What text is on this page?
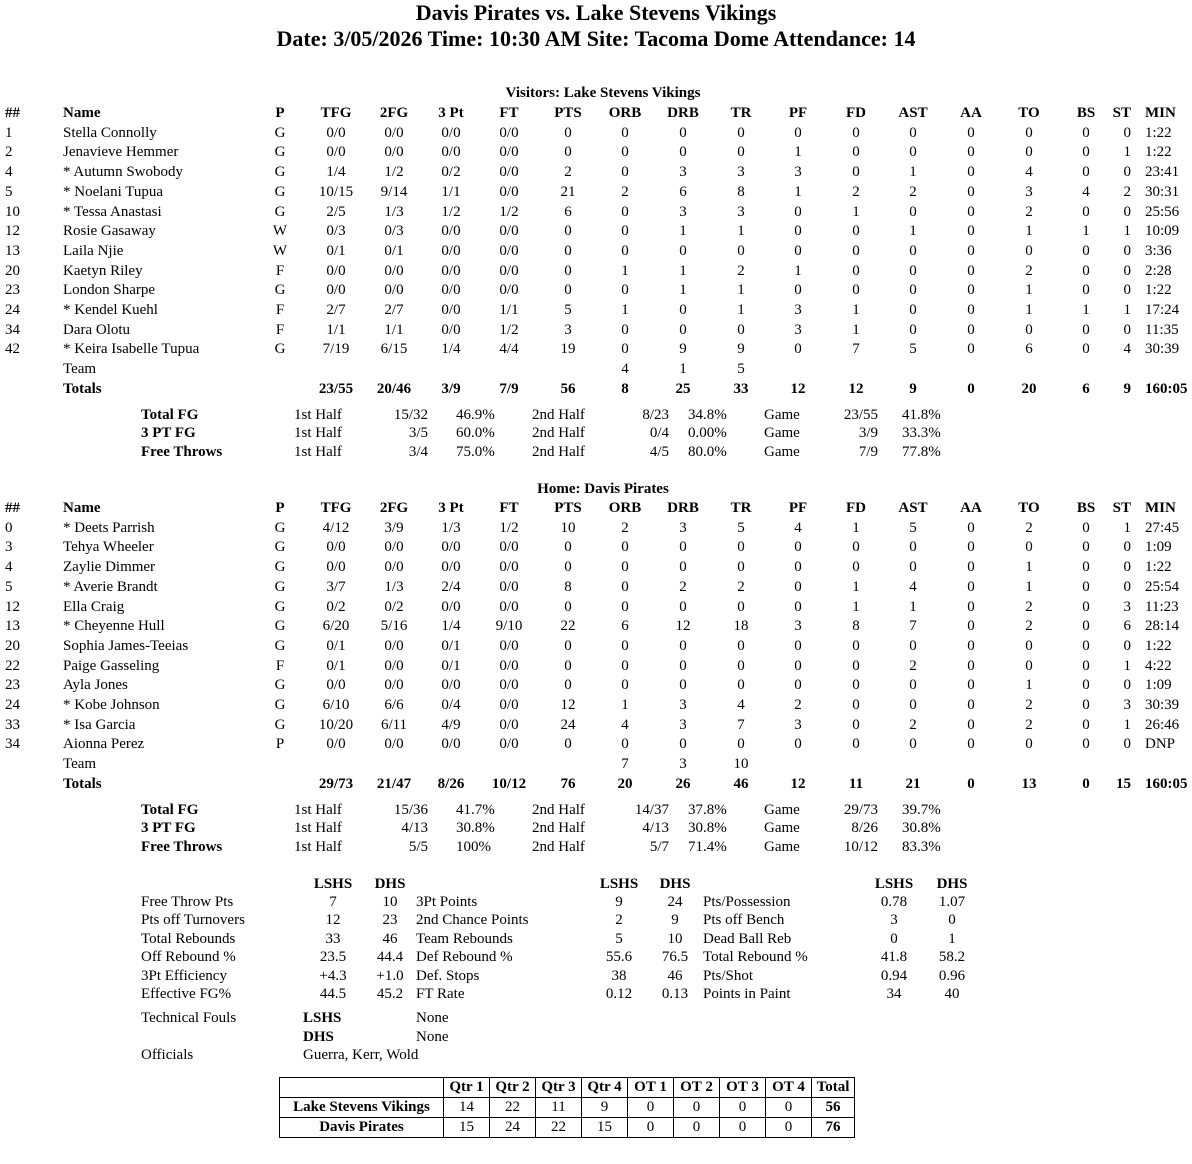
Davis Pirates vs. Lake Stevens Vikings
Date: 3/05/2026 Time: 10:30 AM Site: Tacoma Dome Attendance: 14
Visitors: Lake Stevens Vikings
##	Name	P TFG 2FG 3 Pt FT PTS ORB DRB TR PF	FD AST AA TO BS ST MIN
1	Stella Connolly	G	0/0	0/0	0/0	0/0	0	0	0	0	0	0	0	0	0	0 0 1:22
2	Jenavieve Hemmer	G	0/0	0/0	0/0	0/0	0	0	0	0	1	0	0	0	0	0 1 1:22
4	* Autumn Swobody	G	1/4	1/2	0/2	0/0	2	0	3	3	3	0	1	0	4	0 0 23:41
5	* Noelani Tupua	G 10/15 9/14 1/1	0/0	21	2	6	8	1	2	2	0	3	4 2 30:31
10	* Tessa Anastasi	G	2/5	1/3	1/2	1/2	6	0	3	3	0	1	0	0	2	0 0 25:56
12	Rosie Gasaway	W	0/3	0/3	0/0	0/0	0	0	1	1	0	0	1	0	1	1 1 10:09
13	Laila Njie	W	0/1	0/1	0/0	0/0	0	0	0	0	0	0	0	0	0	0 0 3:36
20	Kaetyn Riley	F	0/0	0/0	0/0	0/0	0	1	1	2	1	0	0	0	2	0 0 2:28
23	London Sharpe	G	0/0	0/0	0/0	0/0	0	0	1	1	0	0	0	0	1	0 0 1:22
24	* Kendel Kuehl	F	2/7	2/7	0/0	1/1	5	1	0	1	3	1	0	0	1	1 1 17:24
34	Dara Olotu	F	1/1	1/1	0/0	1/2	3	0	0	0	3	1	0	0	0	0 0 11:35
42	* Keira Isabelle Tupua	G 7/19 6/15 1/4	4/4	19	0	9	9	0	7	5	0	6	0 4 30:39
Team	4	1	5
Totals	23/55 20/46 3/9	7/9	56	8	25	33	12	12	9	0	20	6 9 160:05
Total FG	1st Half	15/32 46.9% 2nd Half	8/23 34.8% Game	23/55 41.8%
3 PT FG	1st Half	3/5 60.0% 2nd Half	0/4 0.00% Game	3/9 33.3%
Free Throws	1st Half	3/4 75.0% 2nd Half	4/5 80.0% Game	7/9 77.8%
Home: Davis Pirates
##	Name	P TFG 2FG 3 Pt FT PTS ORB DRB TR PF	FD AST AA TO BS ST MIN
0	* Deets Parrish	G 4/12 3/9	1/3	1/2	10	2	3	5	4	1	5	0	2	0 1 27:45
3	Tehya Wheeler	G	0/0	0/0	0/0	0/0	0	0	0	0	0	0	0	0	0	0 0 1:09
4	Zaylie Dimmer	G	0/0	0/0	0/0	0/0	0	0	0	0	0	0	0	0	1	0 0 1:22
5	* Averie Brandt	G	3/7	1/3	2/4	0/0	8	0	2	2	0	1	4	0	1	0 0 25:54
12	Ella Craig	G	0/2	0/2	0/0	0/0	0	0	0	0	0	1	1	0	2	0 3 11:23
13	* Cheyenne Hull	G 6/20 5/16 1/4 9/10	22	6	12	18	3	8	7	0	2	0 6 28:14
20	Sophia James-Teeias	G	0/1	0/0	0/1	0/0	0	0	0	0	0	0	0	0	0	0 0 1:22
22	Paige Gasseling	F	0/1	0/0	0/1	0/0	0	0	0	0	0	0	2	0	0	0 1 4:22
23	Ayla Jones	G	0/0	0/0	0/0	0/0	0	0	0	0	0	0	0	0	1	0 0 1:09
24	* Kobe Johnson	G 6/10 6/6	0/4	0/0	12	1	3	4	2	0	0	0	2	0 3 30:39
33	* Isa Garcia	G 10/20 6/11 4/9	0/0	24	4	3	7	3	0	2	0	2	0 1 26:46
34	Aionna Perez	P	0/0	0/0	0/0	0/0	0	0	0	0	0	0	0	0	0	0 0 DNP
Team	7	3	10
Totals	29/73 21/47 8/26 10/12 76	20	26	46	12	11	21	0	13	0 15 160:05
Total FG	1st Half	15/36 41.7% 2nd Half	14/37 37.8% Game	29/73 39.7%
3 PT FG	1st Half	4/13 30.8% 2nd Half	4/13 30.8% Game	8/26 30.8%
Free Throws	1st Half	5/5 100%	2nd Half	5/7 71.4% Game	10/12 83.3%
LSHS DHS	LSHS DHS	LSHS DHS
Free Throw Pts	7	10
Pts off Turnovers	12	23
Total Rebounds	33	46
Off Rebound %	23.5 44.4
3Pt Efficiency	+4.3 +1.0
Effective FG%	44.5 45.2
3Pt Points	9	24
2nd Chance Points	2	9
Team Rebounds	5	10
Def Rebound %	55.6 76.5
Def. Stops	38	46
FT Rate	0.12 0.13
Pts/Possession	0.78 1.07
Pts off Bench	3	0
Dead Ball Reb	0	1
Total Rebound %	41.8 58.2
Pts/Shot	0.94 0.96
Points in Paint	34	40
Technical Fouls	LSHS	None
DHS	None
Officials	Guerra, Kerr, Wold
	Qtr 1	Qtr 2	Qtr 3	Qtr 4	OT 1	OT 2	OT 3	OT 4	Total
Lake Stevens Vikings	14	22	11	9	0	0	0	0	56
Davis Pirates	15	24	22	15	0	0	0	0	76
